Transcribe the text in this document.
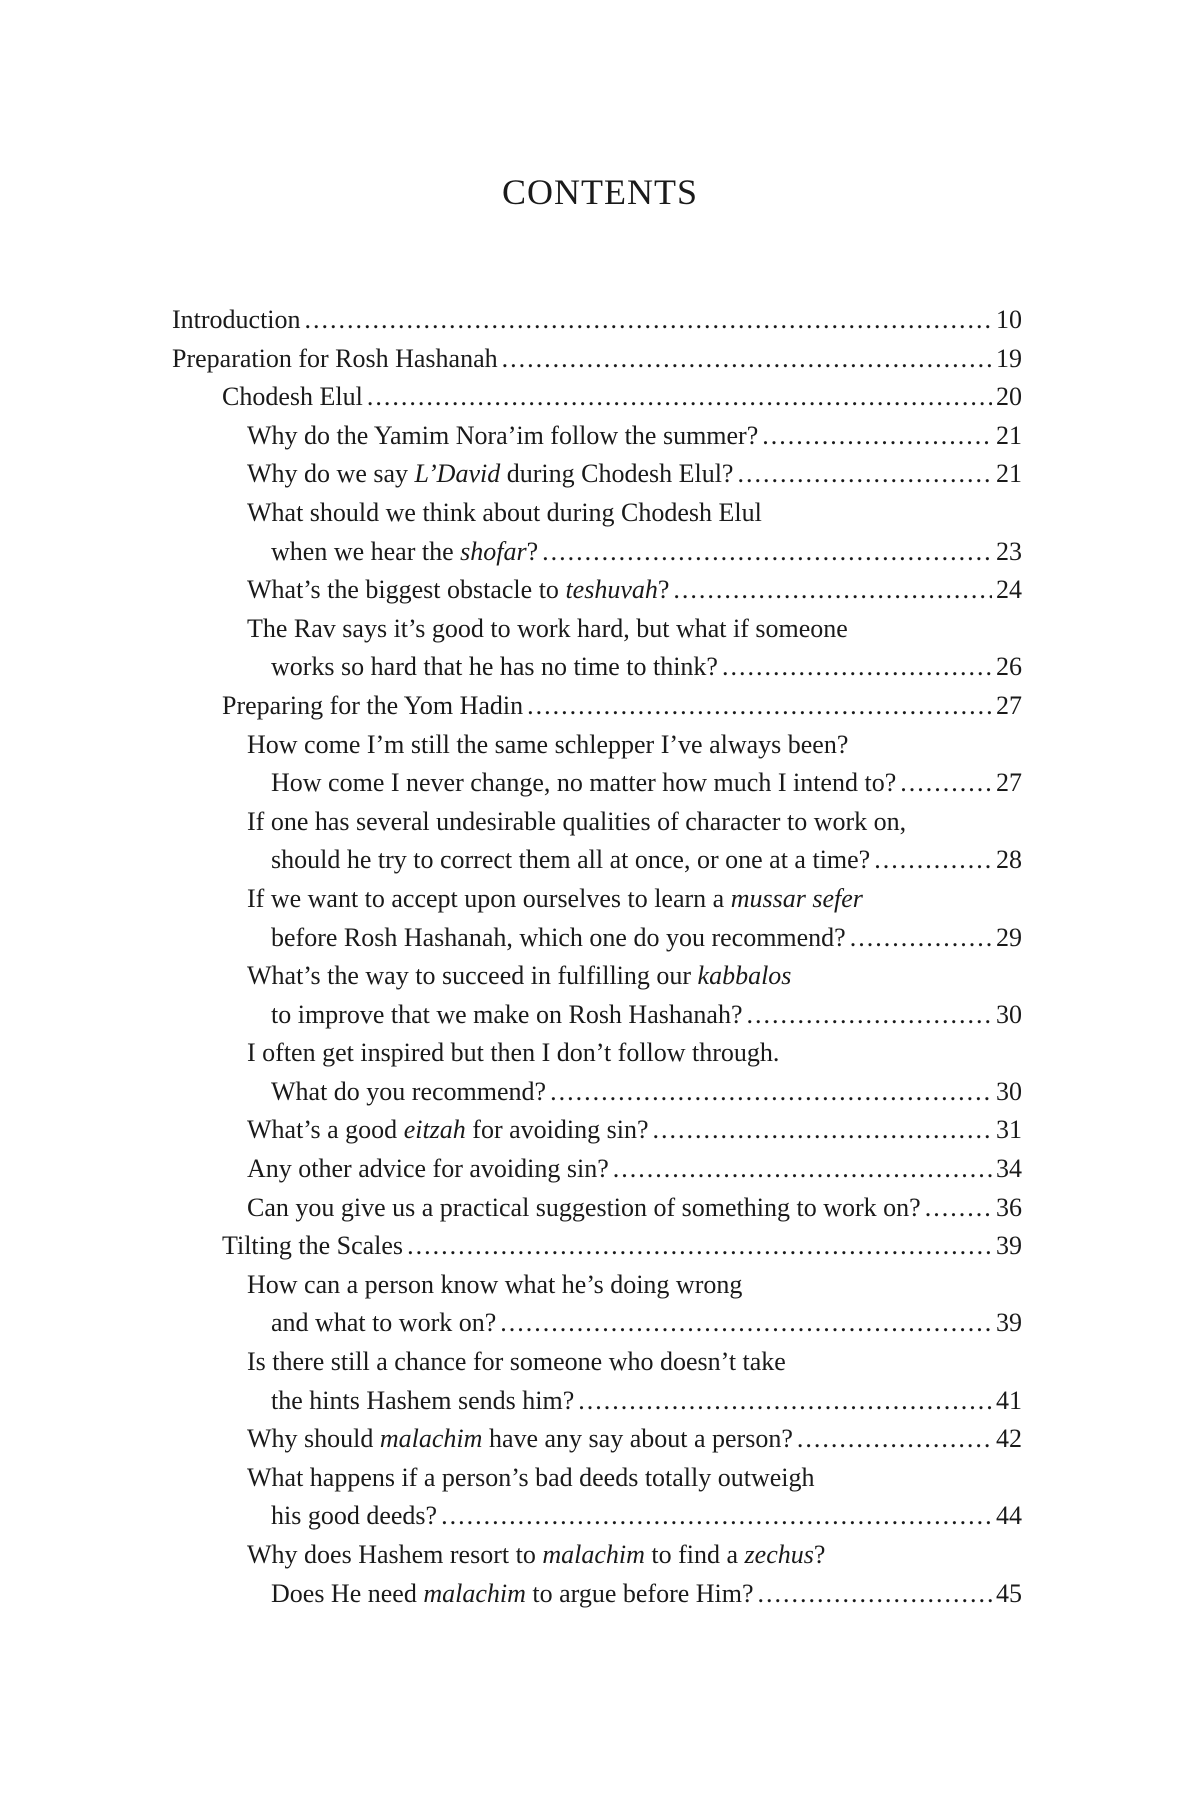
CONTENTS
Introduction .....	10
Preparation for Rosh Hashanah .....	19
Chodesh Elul .....	20
Why do the Yamim Nora’im follow the summer? .....	21
Why do we say L’David during Chodesh Elul? .....	21
What should we think about during Chodesh Elul
when we hear the shofar? .....	23
What’s the biggest obstacle to teshuvah? .....	24
The Rav says it’s good to work hard, but what if someone
works so hard that he has no time to think? .....	26
Preparing for the Yom Hadin .....	27
How come I’m still the same schlepper I’ve always been?
How come I never change, no matter how much I intend to? .....	27
If one has several undesirable qualities of character to work on,
should he try to correct them all at once, or one at a time? .....	28
If we want to accept upon ourselves to learn a mussar sefer
before Rosh Hashanah, which one do you recommend? .....	29
What’s the way to succeed in fulfilling our kabbalos
to improve that we make on Rosh Hashanah? .....	30
I often get inspired but then I don’t follow through.
What do you recommend? .....	30
What’s a good eitzah for avoiding sin? .....	31
Any other advice for avoiding sin? .....	34
Can you give us a practical suggestion of something to work on? .....	36
Tilting the Scales .....	39
How can a person know what he’s doing wrong
and what to work on? .....	39
Is there still a chance for someone who doesn’t take
the hints Hashem sends him? .....	41
Why should malachim have any say about a person? .....	42
What happens if a person’s bad deeds totally outweigh
his good deeds? .....	44
Why does Hashem resort to malachim to find a zechus?
Does He need malachim to argue before Him? .....	45
